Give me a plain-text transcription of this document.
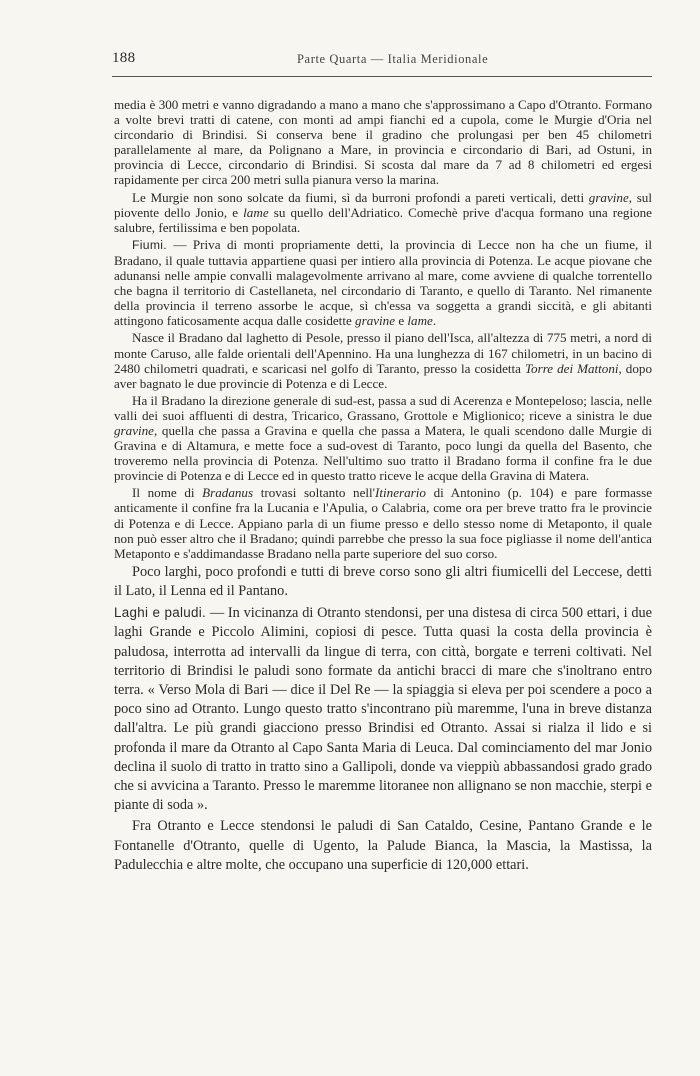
188	Parte Quarta — Italia Meridionale

media è 300 metri e vanno digradando a mano a mano che s'approssimano a Capo d'Otranto. Formano a volte brevi tratti di catene, con monti ad ampi fianchi ed a cupola, come le Murgie d'Oria nel circondario di Brindisi. Si conserva bene il gradino che prolungasi per ben 45 chilometri parallelamente al mare, da Polignano a Mare, in provincia e circondario di Bari, ad Ostuni, in provincia di Lecce, circondario di Brindisi. Si scosta dal mare da 7 ad 8 chilometri ed ergesi rapidamente per circa 200 metri sulla pianura verso la marina.

Le Murgie non sono solcate da fiumi, sì da burroni profondi a pareti verticali, detti gravine, sul piovente dello Jonio, e lame su quello dell'Adriatico. Comechè prive d'acqua formano una regione salubre, fertilissima e ben popolata.

Fiumi. — Priva di monti propriamente detti, la provincia di Lecce non ha che un fiume, il Bradano, il quale tuttavia appartiene quasi per intiero alla provincia di Potenza. Le acque piovane che adunansi nelle ampie convalli malagevolmente arrivano al mare, come avviene di qualche torrentello che bagna il territorio di Castellaneta, nel circondario di Taranto, e quello di Taranto. Nel rimanente della provincia il terreno assorbe le acque, sì ch'essa va soggetta a grandi siccità, e gli abitanti attingono faticosamente acqua dalle cosidette gravine e lame.

Nasce il Bradano dal laghetto di Pesole, presso il piano dell'Isca, all'altezza di 775 metri, a nord di monte Caruso, alle falde orientali dell'Apennino. Ha una lunghezza di 167 chilometri, in un bacino di 2480 chilometri quadrati, e scaricasi nel golfo di Taranto, presso la cosidetta Torre dei Mattoni, dopo aver bagnato le due provincie di Potenza e di Lecce.

Ha il Bradano la direzione generale di sud-est, passa a sud di Acerenza e Montepeloso; lascia, nelle valli dei suoi affluenti di destra, Tricarico, Grassano, Grottole e Miglionico; riceve a sinistra le due gravine, quella che passa a Gravina e quella che passa a Matera, le quali scendono dalle Murgie di Gravina e di Altamura, e mette foce a sud-ovest di Taranto, poco lungi da quella del Basento, che troveremo nella provincia di Potenza. Nell'ultimo suo tratto il Bradano forma il confine fra le due provincie di Potenza e di Lecce ed in questo tratto riceve le acque della Gravina di Matera.

Il nome di Bradanus trovasi soltanto nell'Itinerario di Antonino (p. 104) e pare formasse anticamente il confine fra la Lucania e l'Apulia, o Calabria, come ora per breve tratto fra le provincie di Potenza e di Lecce. Appiano parla di un fiume presso e dello stesso nome di Metaponto, il quale non può esser altro che il Bradano; quindi parrebbe che presso la sua foce pigliasse il nome dell'antica Metaponto e s'addimandasse Bradano nella parte superiore del suo corso.

Poco larghi, poco profondi e tutti di breve corso sono gli altri fiumicelli del Leccese, detti il Lato, il Lenna ed il Pantano.

Laghi e paludi. — In vicinanza di Otranto stendonsi, per una distesa di circa 500 ettari, i due laghi Grande e Piccolo Alimini, copiosi di pesce. Tutta quasi la costa della provincia è paludosa, interrotta ad intervalli da lingue di terra, con città, borgate e terreni coltivati. Nel territorio di Brindisi le paludi sono formate da antichi bracci di mare che s'inoltrano entro terra. « Verso Mola di Bari — dice il Del Re — la spiaggia si eleva per poi scendere a poco a poco sino ad Otranto. Lungo questo tratto s'incontrano più maremme, l'una in breve distanza dall'altra. Le più grandi giacciono presso Brindisi ed Otranto. Assai si rialza il lido e si profonda il mare da Otranto al Capo Santa Maria di Leuca. Dal cominciamento del mar Jonio declina il suolo di tratto in tratto sino a Gallipoli, donde va vieppiù abbassandosi grado grado che si avvicina a Taranto. Presso le maremme litoranee non allignano se non macchie, sterpi e piante di soda ».

Fra Otranto e Lecce stendonsi le paludi di San Cataldo, Cesine, Pantano Grande e le Fontanelle d'Otranto, quelle di Ugento, la Palude Bianca, la Mascia, la Mastissa, la Padulecchia e altre molte, che occupano una superficie di 120,000 ettari.
